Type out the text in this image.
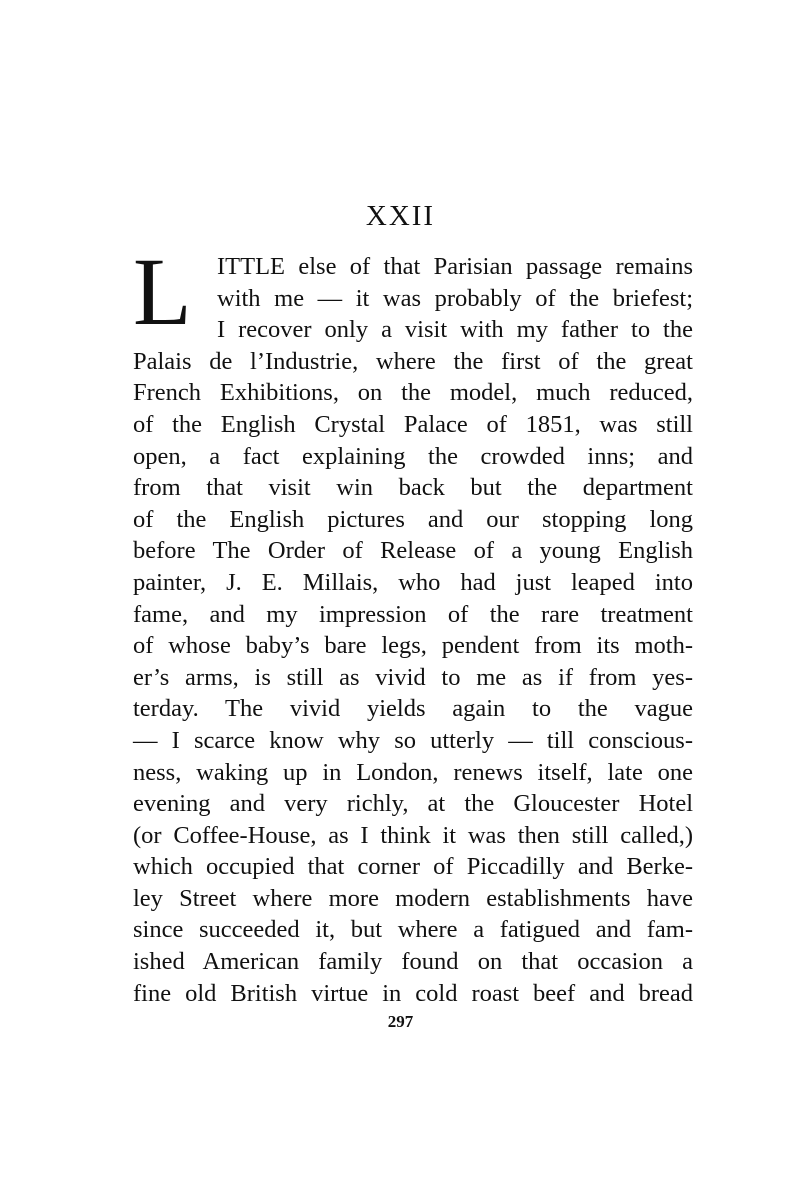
XXII
L	ITTLE else of that Parisian passage remains
with me — it was probably of the briefest;
I recover only a visit with my father to the
Palais de l’Industrie, where the first of the great
French Exhibitions, on the model, much reduced,
of the English Crystal Palace of 1851, was still
open, a fact explaining the crowded inns; and
from that visit win back but the department
of the English pictures and our stopping long
before The Order of Release of a young English
painter, J. E. Millais, who had just leaped into
fame, and my impression of the rare treatment
of whose baby’s bare legs, pendent from its moth-
er’s arms, is still as vivid to me as if from yes-
terday. The vivid yields again to the vague
— I scarce know why so utterly — till conscious-
ness, waking up in London, renews itself, late one
evening and very richly, at the Gloucester Hotel
(or Coffee-House, as I think it was then still called,)
which occupied that corner of Piccadilly and Berke-
ley Street where more modern establishments have
since succeeded it, but where a fatigued and fam-
ished American family found on that occasion a
fine old British virtue in cold roast beef and bread
297
